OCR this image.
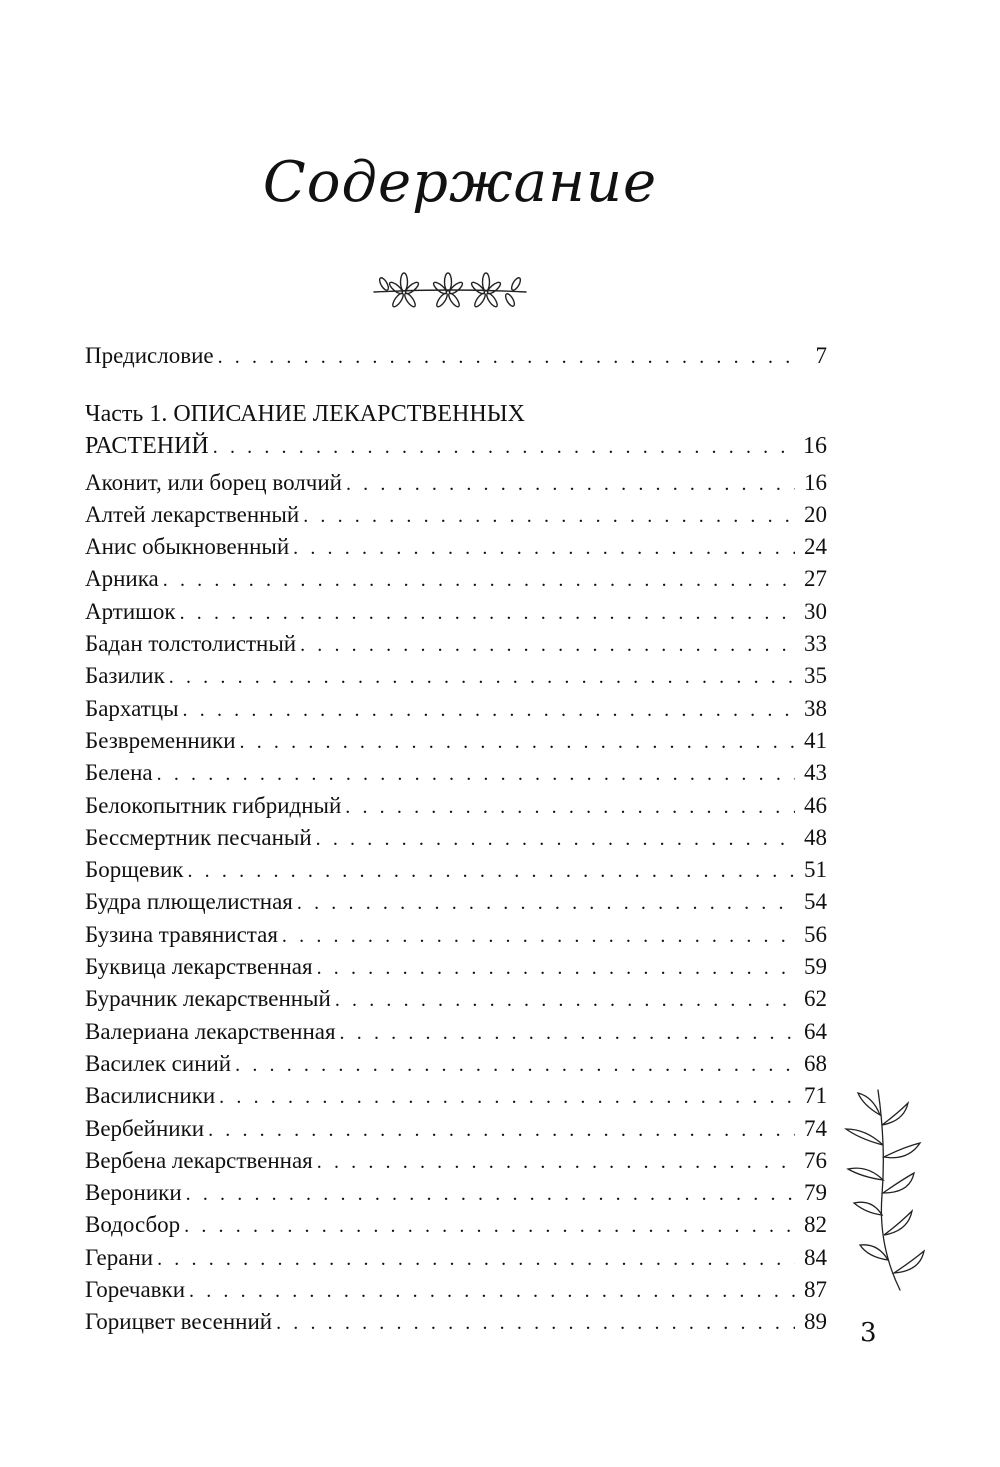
Содержание
Предисловие . . .	7
Часть 1. ОПИСАНИЕ ЛЕКАРСТВЕННЫХ
РАСТЕНИЙ . . .	16
Аконит, или борец волчий . . .	16
Алтей лекарственный . . .	20
Анис обыкновенный . . .	24
Арника . . .	27
Артишок . . .	30
Бадан толстолистный . . .	33
Базилик . . .	35
Бархатцы . . .	38
Безвременники . . .	41
Белена . . .	43
Белокопытник гибридный . . .	46
Бессмертник песчаный . . .	48
Борщевик . . .	51
Будра плющелистная . . .	54
Бузина травянистая . . .	56
Буквица лекарственная . . .	59
Бурачник лекарственный . . .	62
Валериана лекарственная . . .	64
Василек синий . . .	68
Василисники . . .	71
Вербейники . . .	74
Вербена лекарственная . . .	76
Вероники . . .	79
Водосбор . . .	82
Герани . . .	84
Горечавки . . .	87
Горицвет весенний . . .	89 3
